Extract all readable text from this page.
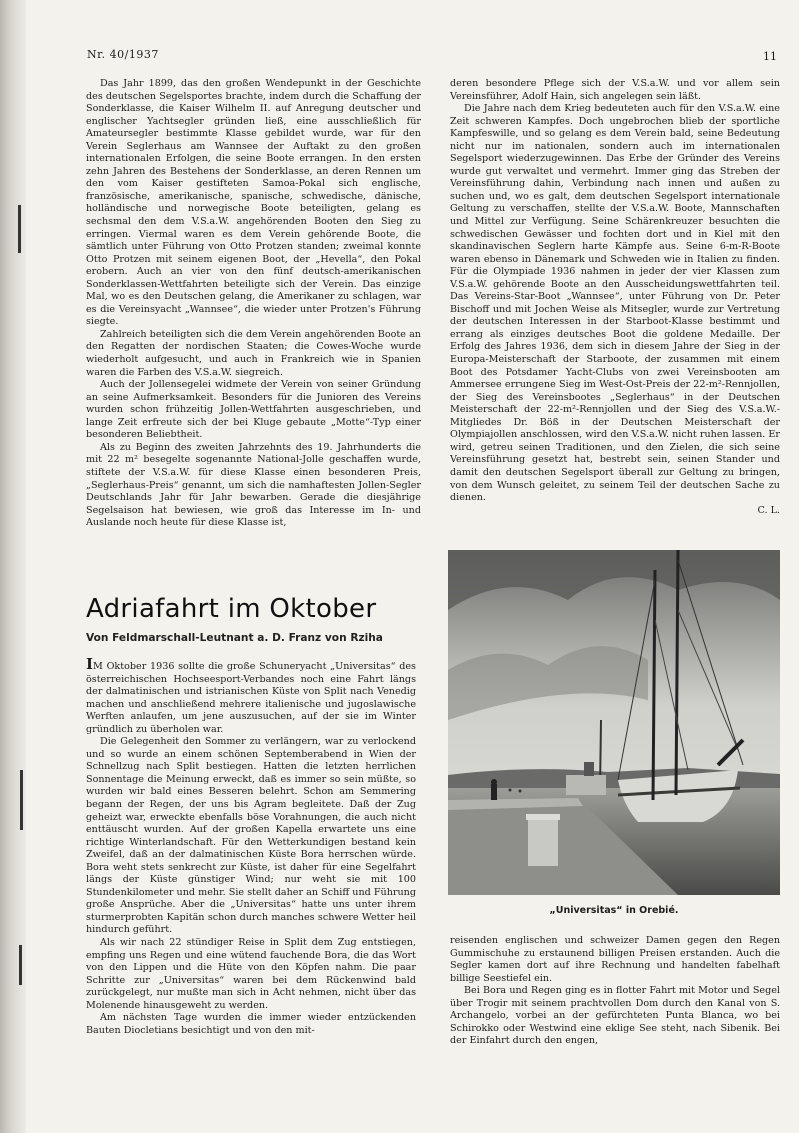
Nr. 40/1937	11

Das Jahr 1899, das den großen Wendepunkt in der Geschichte des deutschen Segelsportes brachte, indem durch die Schaffung der Sonderklasse, die Kaiser Wilhelm II. auf Anregung deutscher und englischer Yachtsegler gründen ließ, eine ausschließlich für Amateursegler bestimmte Klasse gebildet wurde, war für den Verein Seglerhaus am Wannsee der Auftakt zu den großen internationalen Erfolgen, die seine Boote errangen. In den ersten zehn Jahren des Bestehens der Sonderklasse, an deren Rennen um den vom Kaiser gestifteten Samoa-Pokal sich englische, französische, amerikanische, spanische, schwedische, dänische, holländische und norwegische Boote beteiligten, gelang es sechsmal den dem V.S.a.W. angehörenden Booten den Sieg zu erringen. Viermal waren es dem Verein gehörende Boote, die sämtlich unter Führung von Otto Protzen standen; zweimal konnte Otto Protzen mit seinem eigenen Boot, der „Hevella“, den Pokal erobern. Auch an vier von den fünf deutsch-amerikanischen Sonderklassen-Wettfahrten beteiligte sich der Verein. Das einzige Mal, wo es den Deutschen gelang, die Amerikaner zu schlagen, war es die Vereinsyacht „Wannsee“, die wieder unter Protzen's Führung siegte.

Zahlreich beteiligten sich die dem Verein angehörenden Boote an den Regatten der nordischen Staaten; die Cowes-Woche wurde wiederholt aufgesucht, und auch in Frankreich wie in Spanien waren die Farben des V.S.a.W. siegreich.

Auch der Jollensegelei widmete der Verein von seiner Gründung an seine Aufmerksamkeit. Besonders für die Junioren des Vereins wurden schon frühzeitig Jollen-Wettfahrten ausgeschrieben, und lange Zeit erfreute sich der bei Kluge gebaute „Motte“-Typ einer besonderen Beliebtheit.

Als zu Beginn des zweiten Jahrzehnts des 19. Jahrhunderts die mit 22 m² besegelte sogenannte National-Jolle geschaffen wurde, stiftete der V.S.a.W. für diese Klasse einen besonderen Preis, „Seglerhaus-Preis“ genannt, um sich die namhaftesten Jollen-Segler Deutschlands Jahr für Jahr bewarben. Gerade die diesjährige Segelsaison hat bewiesen, wie groß das Interesse im In- und Auslande noch heute für diese Klasse ist,

deren besondere Pflege sich der V.S.a.W. und vor allem sein Vereinsführer, Adolf Hain, sich angelegen sein läßt.

Die Jahre nach dem Krieg bedeuteten auch für den V.S.a.W. eine Zeit schweren Kampfes. Doch ungebrochen blieb der sportliche Kampfeswille, und so gelang es dem Verein bald, seine Bedeutung nicht nur im nationalen, sondern auch im internationalen Segelsport wiederzugewinnen. Das Erbe der Gründer des Vereins wurde gut verwaltet und vermehrt. Immer ging das Streben der Vereinsführung dahin, Verbindung nach innen und außen zu suchen und, wo es galt, dem deutschen Segelsport internationale Geltung zu verschaffen, stellte der V.S.a.W. Boote, Mannschaften und Mittel zur Verfügung. Seine Schärenkreuzer besuchten die schwedischen Gewässer und fochten dort und in Kiel mit den skandinavischen Seglern harte Kämpfe aus. Seine 6-m-R-Boote waren ebenso in Dänemark und Schweden wie in Italien zu finden. Für die Olympiade 1936 nahmen in jeder der vier Klassen zum V.S.a.W. gehörende Boote an den Ausscheidungswettfahrten teil. Das Vereins-Star-Boot „Wannsee“, unter Führung von Dr. Peter Bischoff und mit Jochen Weise als Mitsegler, wurde zur Vertretung der deutschen Interessen in der Starboot-Klasse bestimmt und errang als einziges deutsches Boot die goldene Medaille. Der Erfolg des Jahres 1936, dem sich in diesem Jahre der Sieg in der Europa-Meisterschaft der Starboote, der zusammen mit einem Boot des Potsdamer Yacht-Clubs von zwei Vereinsbooten am Ammersee errungene Sieg im West-Ost-Preis der 22-m²-Rennjollen, der Sieg des Vereinsbootes „Seglerhaus“ in der Deutschen Meisterschaft der 22-m²-Rennjollen und der Sieg des V.S.a.W.-Mitgliedes Dr. Böß in der Deutschen Meisterschaft der Olympiajollen anschlossen, wird den V.S.a.W. nicht ruhen lassen. Er wird, getreu seinen Traditionen, und den Zielen, die sich seine Vereinsführung gesetzt hat, bestrebt sein, seinen Stander und damit den deutschen Segelsport überall zur Geltung zu bringen, von dem Wunsch geleitet, zu seinem Teil der deutschen Sache zu dienen.

C. L.

Adriafahrt im Oktober
Von Feldmarschall-Leutnant a. D. Franz von Rziha

IM Oktober 1936 sollte die große Schuneryacht „Universitas“ des österreichischen Hochseesport-Verbandes noch eine Fahrt längs der dalmatinischen und istrianischen Küste von Split nach Venedig machen und anschließend mehrere italienische und jugoslawische Werften anlaufen, um jene auszusuchen, auf der sie im Winter gründlich zu überholen war.

Die Gelegenheit den Sommer zu verlängern, war zu verlockend und so wurde an einem schönen Septemberabend in Wien der Schnellzug nach Split bestiegen. Hatten die letzten herrlichen Sonnentage die Meinung erweckt, daß es immer so sein müßte, so wurden wir bald eines Besseren belehrt. Schon am Semmering begann der Regen, der uns bis Agram begleitete. Daß der Zug geheizt war, erweckte ebenfalls böse Vorahnungen, die auch nicht enttäuscht wurden. Auf der großen Kapella erwartete uns eine richtige Winterlandschaft. Für den Wetterkundigen bestand kein Zweifel, daß an der dalmatinischen Küste Bora herrschen würde. Bora weht stets senkrecht zur Küste, ist daher für eine Segelfahrt längs der Küste günstiger Wind; nur weht sie mit 100 Stundenkilometer und mehr. Sie stellt daher an Schiff und Führung große Ansprüche. Aber die „Universitas“ hatte uns unter ihrem sturmerprobten Kapitän schon durch manches schwere Wetter heil hindurch geführt.

Als wir nach 22 stündiger Reise in Split dem Zug entstiegen, empfing uns Regen und eine wütend fauchende Bora, die das Wort von den Lippen und die Hüte von den Köpfen nahm. Die paar Schritte zur „Universitas“ waren bei dem Rückenwind bald zurückgelegt, nur mußte man sich in Acht nehmen, nicht über das Molenende hinausgeweht zu werden.

Am nächsten Tage wurden die immer wieder entzückenden Bauten Diocletians besichtigt und von den mit-

„Universitas“ in Orebié.

reisenden englischen und schweizer Damen gegen den Regen Gummischuhe zu erstaunend billigen Preisen erstanden. Auch die Segler kamen dort auf ihre Rechnung und handelten fabelhaft billige Seestiefel ein.

Bei Bora und Regen ging es in flotter Fahrt mit Motor und Segel über Trogir mit seinem prachtvollen Dom durch den Kanal von S. Archangelo, vorbei an der gefürchteten Punta Blanca, wo bei Schirokko oder Westwind eine eklige See steht, nach Sibenik. Bei der Einfahrt durch den engen,
